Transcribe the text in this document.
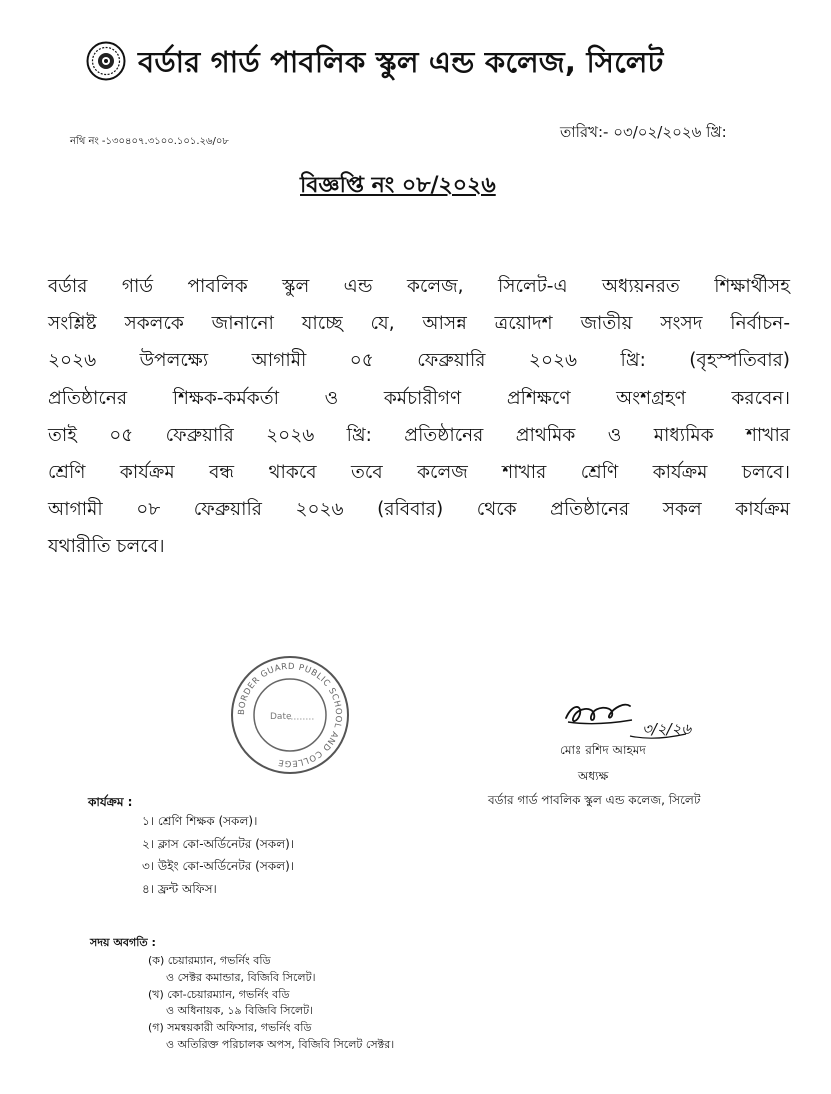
বর্ডার গার্ড পাবলিক স্কুল এন্ড কলেজ, সিলেট
নথি নং -১৩০৪০৭.৩১০০.১০১.২৬/০৮
তারিখ:- ০৩/০২/২০২৬ খ্রি:
বিজ্ঞপ্তি নং ০৮/২০২৬
বর্ডার গার্ড পাবলিক স্কুল এন্ড কলেজ, সিলেট-এ অধ্যয়নরত শিক্ষার্থীসহ
সংশ্লিষ্ট সকলকে জানানো যাচ্ছে যে, আসন্ন ত্রয়োদশ জাতীয় সংসদ নির্বাচন-
২০২৬ উপলক্ষ্যে আগামী ০৫ ফেব্রুয়ারি ২০২৬ খ্রি: (বৃহস্পতিবার)
প্রতিষ্ঠানের শিক্ষক-কর্মকর্তা ও কর্মচারীগণ প্রশিক্ষণে অংশগ্রহণ করবেন।
তাই ০৫ ফেব্রুয়ারি ২০২৬ খ্রি: প্রতিষ্ঠানের প্রাথমিক ও মাধ্যমিক শাখার
শ্রেণি কার্যক্রম বন্ধ থাকবে তবে কলেজ শাখার শ্রেণি কার্যক্রম চলবে।
আগামী ০৮ ফেব্রুয়ারি ২০২৬ (রবিবার) থেকে প্রতিষ্ঠানের সকল কার্যক্রম
যথারীতি চলবে।
BORDER GUARD PUBLIC SCHOOL AND COLLEGE
Date
৩/২/২৬
মোঃ রশিদ আহমদ
অধ্যক্ষ
বর্ডার গার্ড পাবলিক স্কুল এন্ড কলেজ, সিলেট
কার্যক্রম :
১। শ্রেণি শিক্ষক (সকল)।
২। ক্লাস কো-অর্ডিনেটর (সকল)।
৩। উইং কো-অর্ডিনেটর (সকল)।
৪। ফ্রন্ট অফিস।
সদয় অবগতি :
(ক) চেয়ারম্যান, গভর্নিং বডি
ও সেক্টর কমান্ডার, বিজিবি সিলেট।
(খ) কো-চেয়ারম্যান, গভর্নিং বডি
ও অধিনায়ক, ১৯ বিজিবি সিলেট।
(গ) সমন্বয়কারী অফিসার, গভর্নিং বডি
ও অতিরিক্ত পরিচালক অপস, বিজিবি সিলেট সেক্টর।
